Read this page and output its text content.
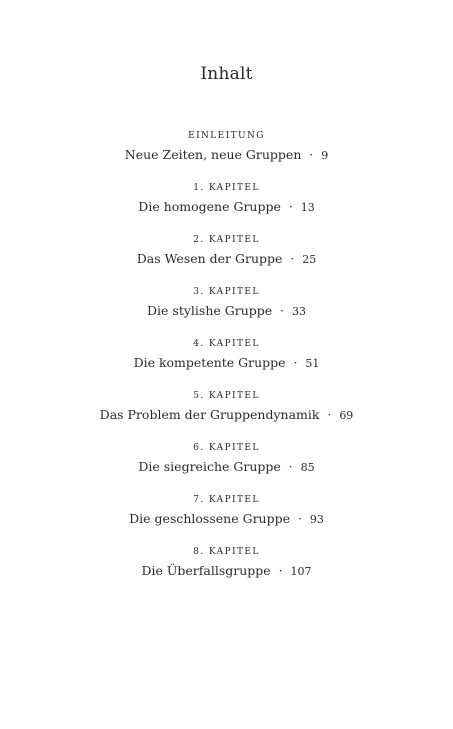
Inhalt
EINLEITUNG
Neue Zeiten, neue Gruppen · 9
1. KAPITEL
Die homogene Gruppe · 13
2. KAPITEL
Das Wesen der Gruppe · 25
3. KAPITEL
Die stylishe Gruppe · 33
4. KAPITEL
Die kompetente Gruppe · 51
5. KAPITEL
Das Problem der Gruppendynamik · 69
6. KAPITEL
Die siegreiche Gruppe · 85
7. KAPITEL
Die geschlossene Gruppe · 93
8. KAPITEL
Die Überfallsgruppe · 107
